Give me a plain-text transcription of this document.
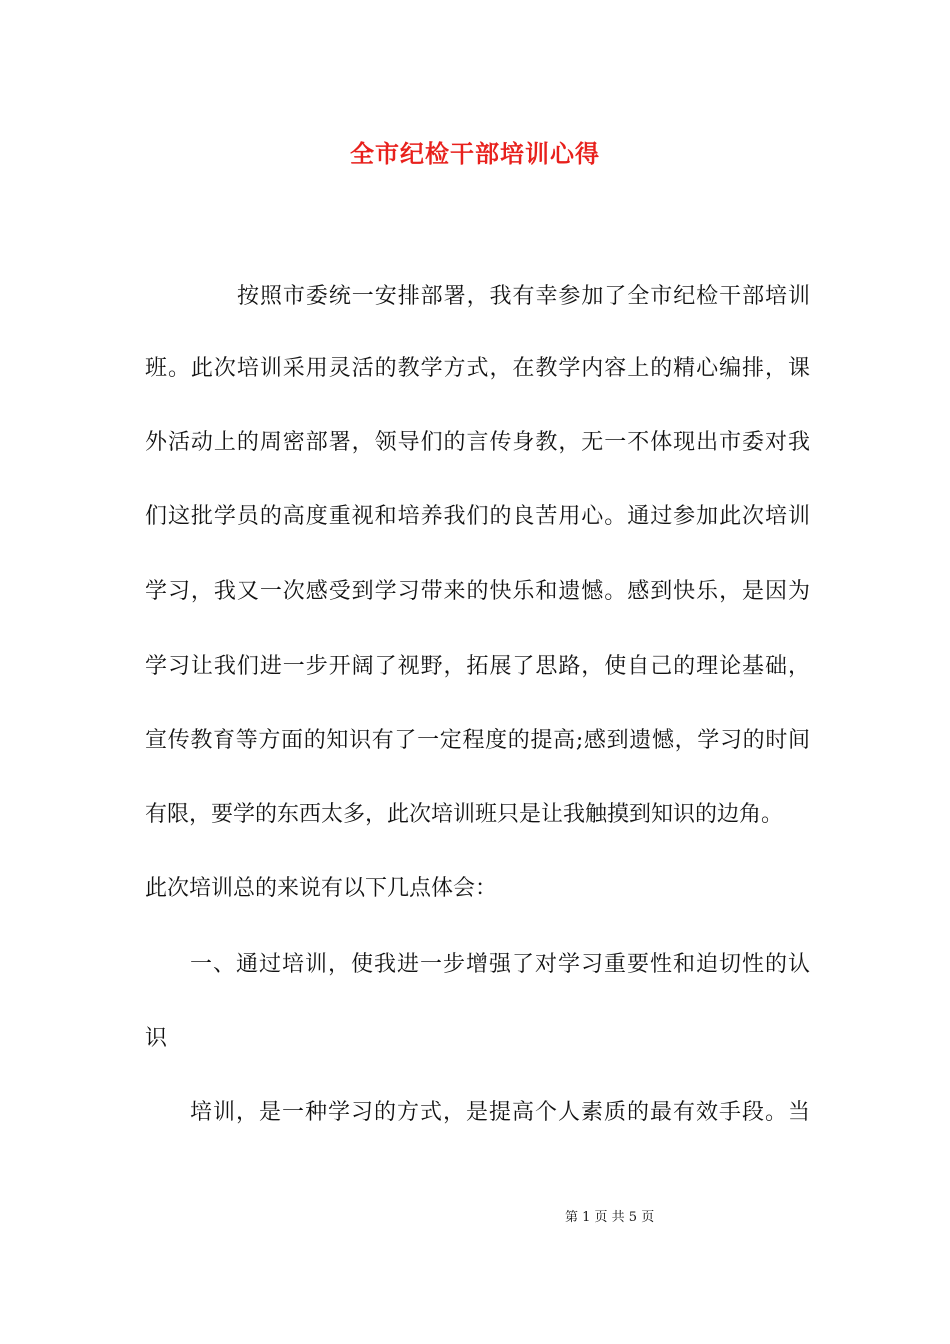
全市纪检干部培训心得
按照市委统一安排部署，我有幸参加了全市纪检干部培训
班。此次培训采用灵活的教学方式，在教学内容上的精心编排，课
外活动上的周密部署，领导们的言传身教，无一不体现出市委对我
们这批学员的高度重视和培养我们的良苦用心。通过参加此次培训
学习，我又一次感受到学习带来的快乐和遗憾。感到快乐，是因为
学习让我们进一步开阔了视野，拓展了思路，使自己的理论基础，
宣传教育等方面的知识有了一定程度的提高;感到遗憾，学习的时间
有限，要学的东西太多，此次培训班只是让我触摸到知识的边角。
此次培训总的来说有以下几点体会：
一、通过培训，使我进一步增强了对学习重要性和迫切性的认
识
培训，是一种学习的方式，是提高个人素质的最有效手段。当
第 1 页 共 5 页
